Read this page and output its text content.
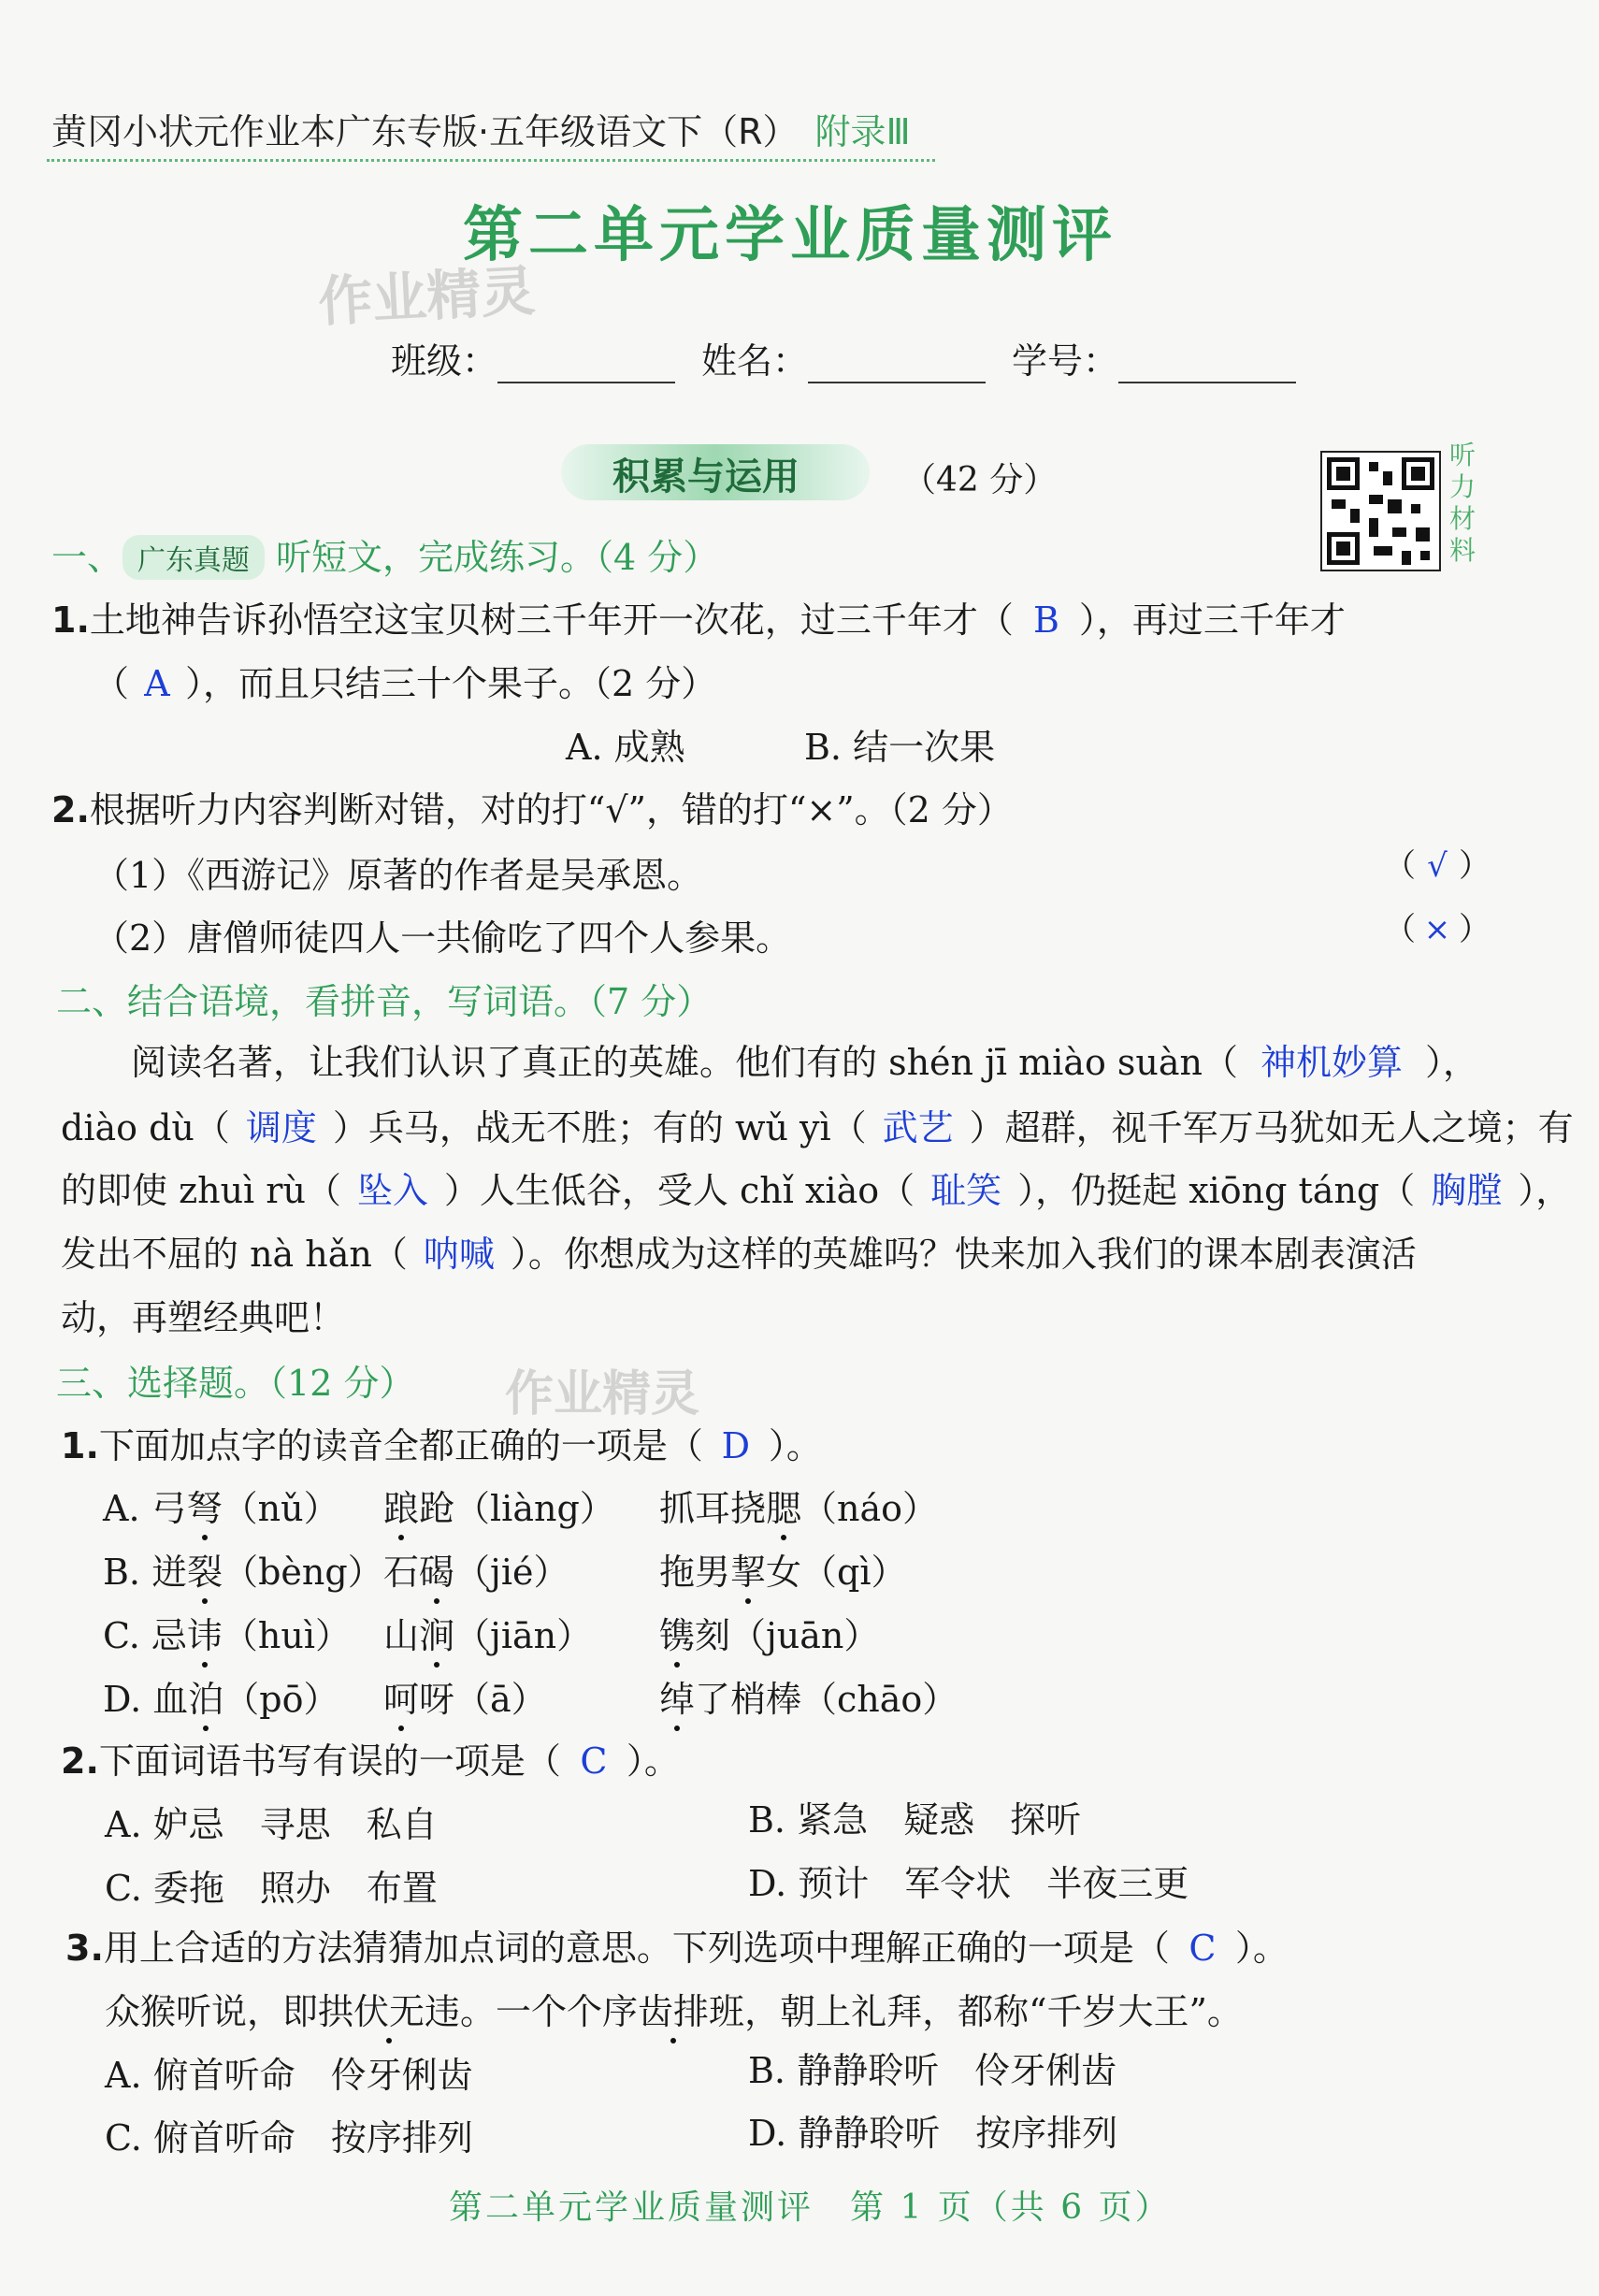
黄冈小状元作业本广东专版·五年级语文下（R） 附录Ⅲ
第二单元学业质量测评
作业精灵
作业精灵
班级：	姓名：	学号：
积累与运用	（42 分）
听力材料
一、 广东真题 听短文，完成练习。（4 分）
1.土地神告诉孙悟空这宝贝树三千年开一次花，过三千年才（ B ），再过三千年才
（ A ），而且只结三十个果子。（2 分）
A. 成熟	B. 结一次果
2.根据听力内容判断对错，对的打“√”，错的打“×”。（2 分）
（1）《西游记》原著的作者是吴承恩。	（ √ ）
（2）唐僧师徒四人一共偷吃了四个人参果。	（ × ）
二、结合语境，看拼音，写词语。（7 分）
阅读名著，让我们认识了真正的英雄。他们有的 shén jī miào suàn（ 神机妙算 ），
diào dù（ 调度 ）兵马，战无不胜；有的 wǔ yì（ 武艺 ）超群，视千军万马犹如无人之境；有
的即使 zhuì rù（ 坠入 ）人生低谷，受人 chǐ xiào（ 耻笑 ），仍挺起 xiōng táng（ 胸膛 ），
发出不屈的 nà hǎn（ 呐喊 ）。你想成为这样的英雄吗？快来加入我们的课本剧表演活
动，再塑经典吧！
三、选择题。（12 分）
1.下面加点字的读音全都正确的一项是（ D ）。
A. 弓弩（nǔ） 踉跄（liàng） 抓耳挠腮（náo）
B. 迸裂（bèng） 石碣（jié）	拖男挈女（qì）
C. 忌讳（huì） 山涧（jiān） 镌刻（juān）
D. 血泊（pō） 呵呀（ā）	绰了梢棒（chāo）
2.下面词语书写有误的一项是（ C ）。
A. 妒忌　寻思　私自	B. 紧急　疑惑　探听
C. 委拖　照办　布置	D. 预计　军令状　半夜三更
3.用上合适的方法猜猜加点词的意思。下列选项中理解正确的一项是（ C ）。
众猴听说，即拱伏无违。一个个序齿排班，朝上礼拜，都称“千岁大王”。
A. 俯首听命　伶牙俐齿	B. 静静聆听　伶牙俐齿
C. 俯首听命　按序排列	D. 静静聆听　按序排列
第二单元学业质量测评　第 1 页（共 6 页）
